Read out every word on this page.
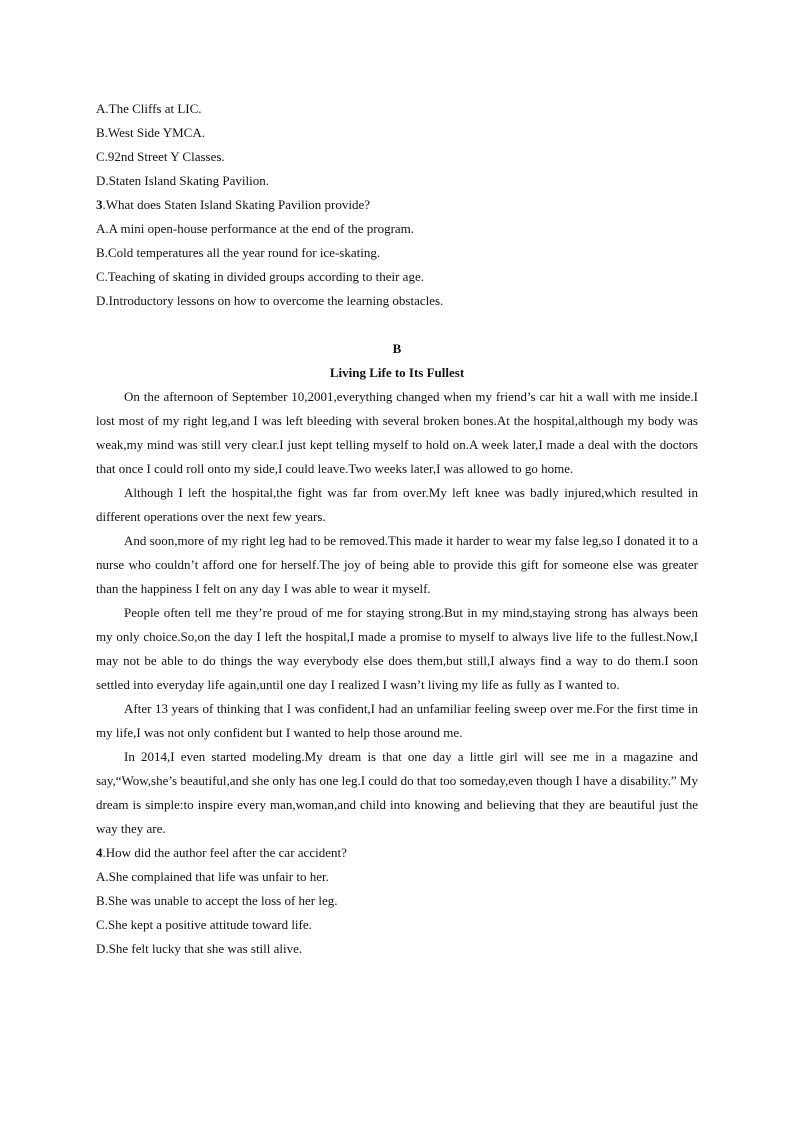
A.The Cliffs at LIC.
B.West Side YMCA.
C.92nd Street Y Classes.
D.Staten Island Skating Pavilion.
3.What does Staten Island Skating Pavilion provide?
A.A mini open-house performance at the end of the program.
B.Cold temperatures all the year round for ice-skating.
C.Teaching of skating in divided groups according to their age.
D.Introductory lessons on how to overcome the learning obstacles.
B
Living Life to Its Fullest

On the afternoon of September 10,2001,everything changed when my friend’s car hit a wall with me inside.I lost most of my right leg,and I was left bleeding with several broken bones.At the hospital,although my body was weak,my mind was still very clear.I just kept telling myself to hold on.A week later,I made a deal with the doctors that once I could roll onto my side,I could leave.Two weeks later,I was allowed to go home.

Although I left the hospital,the fight was far from over.My left knee was badly injured,which resulted in different operations over the next few years.

And soon,more of my right leg had to be removed.This made it harder to wear my false leg,so I donated it to a nurse who couldn’t afford one for herself.The joy of being able to provide this gift for someone else was greater than the happiness I felt on any day I was able to wear it myself.

People often tell me they’re proud of me for staying strong.But in my mind,staying strong has always been my only choice.So,on the day I left the hospital,I made a promise to myself to always live life to the fullest.Now,I may not be able to do things the way everybody else does them,but still,I always find a way to do them.I soon settled into everyday life again,until one day I realized I wasn’t living my life as fully as I wanted to.

After 13 years of thinking that I was confident,I had an unfamiliar feeling sweep over me.For the first time in my life,I was not only confident but I wanted to help those around me.

In 2014,I even started modeling.My dream is that one day a little girl will see me in a magazine and say,“Wow,she’s beautiful,and she only has one leg.I could do that too someday,even though I have a disability.” My dream is simple:to inspire every man,woman,and child into knowing and believing that they are beautiful just the way they are.

4.How did the author feel after the car accident?
A.She complained that life was unfair to her.
B.She was unable to accept the loss of her leg.
C.She kept a positive attitude toward life.
D.She felt lucky that she was still alive.
